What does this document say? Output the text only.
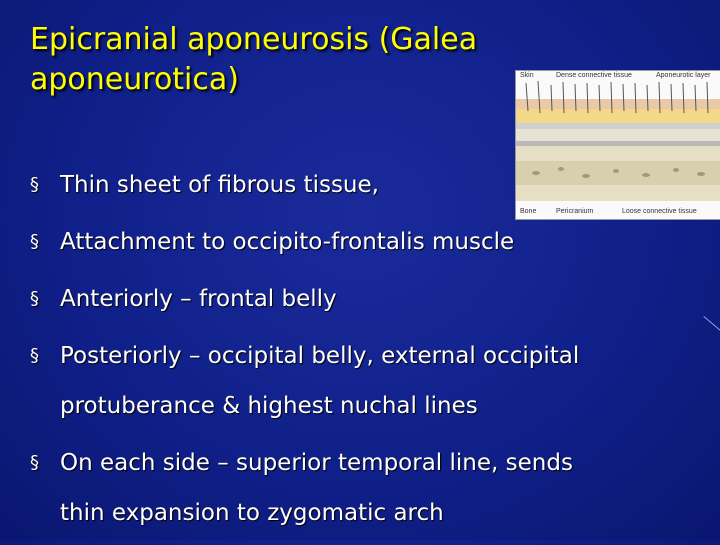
Epicranial aponeurosis (Galea
aponeurotica)	Skin	Dense connective tissue	Aponeurotic layer
Bone	Pericranium	Loose connective tissue
§ Thin sheet of fibrous tissue,
§ Attachment to occipito-frontalis muscle
§ Anteriorly – frontal belly
§ Posteriorly – occipital belly, external occipital
protuberance & highest nuchal lines
§ On each side – superior temporal line, sends
thin expansion to zygomatic arch
